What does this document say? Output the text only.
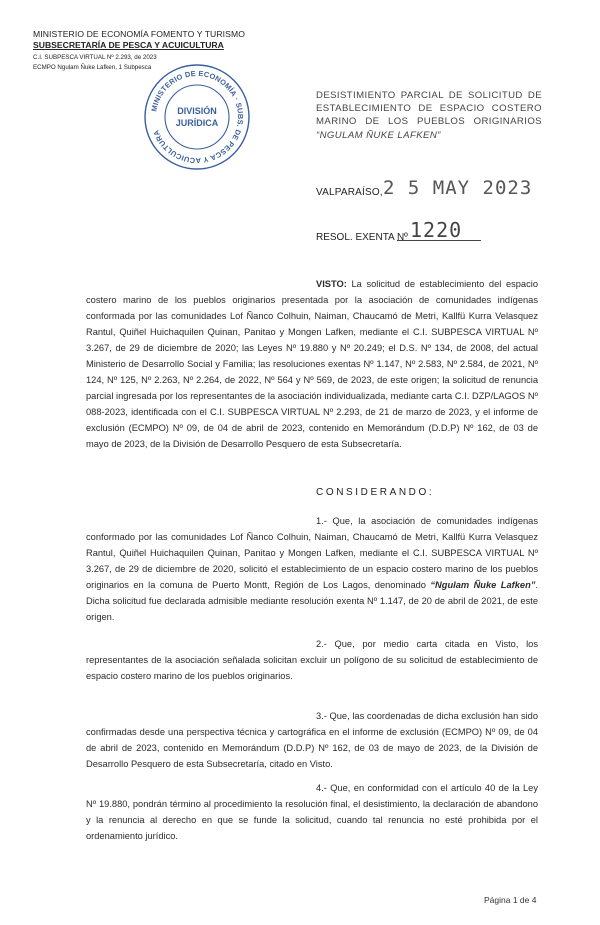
MINISTERIO DE ECONOMÍA FOMENTO Y TURISMO
SUBSECRETARÍA DE PESCA Y ACUICULTURA
C.I. SUBPESCA VIRTUAL Nº 2.293, de 2023
ECMPO Ngulam Ñuke Lafken, 1 Subpesca
MINISTERIO DE ECONOMÍA · SUBS. DE PESCA Y ACUICULTURA
DIVISIÓN
JURÍDICA
DESISTIMIENTO PARCIAL DE SOLICITUD DE
ESTABLECIMIENTO DE ESPACIO COSTERO
MARINO DE LOS PUEBLOS ORIGINARIOS
“NGULAM ÑUKE LAFKEN”
VALPARAÍSO, 2 5 MAY 2023
RESOL. EXENTA Nº 1220
VISTO: La solicitud de establecimiento del espacio costero marino de los pueblos originarios presentada por la asociación de comunidades indígenas conformada por las comunidades Lof Ñanco Colhuin, Naiman, Chaucamó de Metri, Kallfü Kurra Velasquez Rantul, Quiñel Huichaquilen Quinan, Panitao y Mongen Lafken, mediante el C.I. SUBPESCA VIRTUAL Nº 3.267, de 29 de diciembre de 2020; las Leyes Nº 19.880 y Nº 20.249; el D.S. Nº 134, de 2008, del actual Ministerio de Desarrollo Social y Familia; las resoluciones exentas Nº 1.147, Nº 2.583, Nº 2.584, de 2021, Nº 124, Nº 125, Nº 2.263, Nº 2.264, de 2022, Nº 564 y Nº 569, de 2023, de este origen; la solicitud de renuncia parcial ingresada por los representantes de la asociación individualizada, mediante carta C.I. DZP/LAGOS Nº 088-2023, identificada con el C.I. SUBPESCA VIRTUAL Nº 2.293, de 21 de marzo de 2023, y el informe de exclusión (ECMPO) Nº 09, de 04 de abril de 2023, contenido en Memorándum (D.D.P) Nº 162, de 03 de mayo de 2023, de la División de Desarrollo Pesquero de esta Subsecretaría.
CONSIDERANDO:
1.- Que, la asociación de comunidades indígenas conformado por las comunidades Lof Ñanco Colhuin, Naiman, Chaucamó de Metri, Kallfü Kurra Velasquez Rantul, Quiñel Huichaquilen Quinan, Panitao y Mongen Lafken, mediante el C.I. SUBPESCA VIRTUAL Nº 3.267, de 29 de diciembre de 2020, solicitó el establecimiento de un espacio costero marino de los pueblos originarios en la comuna de Puerto Montt, Región de Los Lagos, denominado “Ngulam Ñuke Lafken”. Dicha solicitud fue declarada admisible mediante resolución exenta Nº 1.147, de 20 de abril de 2021, de este origen.
2.- Que, por medio carta citada en Visto, los representantes de la asociación señalada solicitan excluir un polígono de su solicitud de establecimiento de espacio costero marino de los pueblos originarios.
3.- Que, las coordenadas de dicha exclusión han sido confirmadas desde una perspectiva técnica y cartográfica en el informe de exclusión (ECMPO) Nº 09, de 04 de abril de 2023, contenido en Memorándum (D.D.P) Nº 162, de 03 de mayo de 2023, de la División de Desarrollo Pesquero de esta Subsecretaría, citado en Visto.
4.- Que, en conformidad con el artículo 40 de la Ley Nº 19.880, pondrán término al procedimiento la resolución final, el desistimiento, la declaración de abandono y la renuncia al derecho en que se funde la solicitud, cuando tal renuncia no esté prohibida por el ordenamiento jurídico.
Página 1 de 4
